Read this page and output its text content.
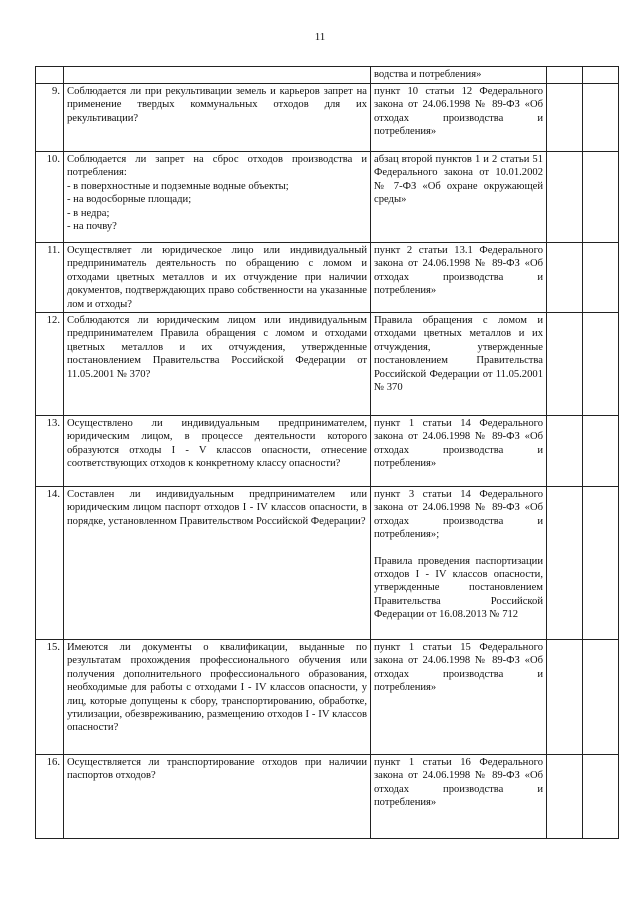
11

		водства и потребления»		

9.	Соблюдается ли при рекультивации земель и карьеров запрет на применение твердых коммунальных отходов для их рекультивации?	пункт 10 статьи 12 Федерального закона от 24.06.1998 № 89-ФЗ «Об отходах производства и потребления»		

10.	Соблюдается ли запрет на сброс отходов производства и потребления:
- в поверхностные и подземные водные объекты;
- на водосборные площади;
- в недра;
- на почву?	абзац второй пунктов 1 и 2 статьи 51 Федерального закона от 10.01.2002 № 7-ФЗ «Об охране окружающей среды»		

11.	Осуществляет ли юридическое лицо или индивидуальный предприниматель деятельность по обращению с ломом и отходами цветных металлов и их отчуждение при наличии документов, подтверждающих право собственности на указанные лом и отходы?	пункт 2 статьи 13.1 Федерального закона от 24.06.1998 № 89-ФЗ «Об отходах производства и потребления»		

12.	Соблюдаются ли юридическим лицом или индивидуальным предпринимателем Правила обращения с ломом и отходами цветных металлов и их отчуждения, утвержденные постановлением Правительства Российской Федерации от 11.05.2001 № 370?	Правила обращения с ломом и отходами цветных металлов и их отчуждения, утвержденные постановлением Правительства Российской Федерации от 11.05.2001 № 370		

13.	Осуществлено ли индивидуальным предпринимателем, юридическим лицом, в процессе деятельности которого образуются отходы I - V классов опасности, отнесение соответствующих отходов к конкретному классу опасности?	пункт 1 статьи 14 Федерального закона от 24.06.1998 № 89-ФЗ «Об отходах производства и потребления»		

14.	Составлен ли индивидуальным предпринимателем или юридическим лицом паспорт отходов I - IV классов опасности, в порядке, установленном Правительством Российской Федерации?	пункт 3 статьи 14 Федерального закона от 24.06.1998 № 89-ФЗ «Об отходах производства и потребления»;
Правила проведения паспортизации отходов I - IV классов опасности, утвержденные постановлением Правительства Российской Федерации от 16.08.2013 № 712		

15.	Имеются ли документы о квалификации, выданные по результатам прохождения профессионального обучения или получения дополнительного профессионального образования, необходимые для работы с отходами I - IV классов опасности, у лиц, которые допущены к сбору, транспортированию, обработке, утилизации, обезвреживанию, размещению отходов I - IV классов опасности?	пункт 1 статьи 15 Федерального закона от 24.06.1998 № 89-ФЗ «Об отходах производства и потребления»		

16.	Осуществляется ли транспортирование отходов при наличии паспортов отходов?	пункт 1 статьи 16 Федерального закона от 24.06.1998 № 89-ФЗ «Об отходах производства и потребления»		
